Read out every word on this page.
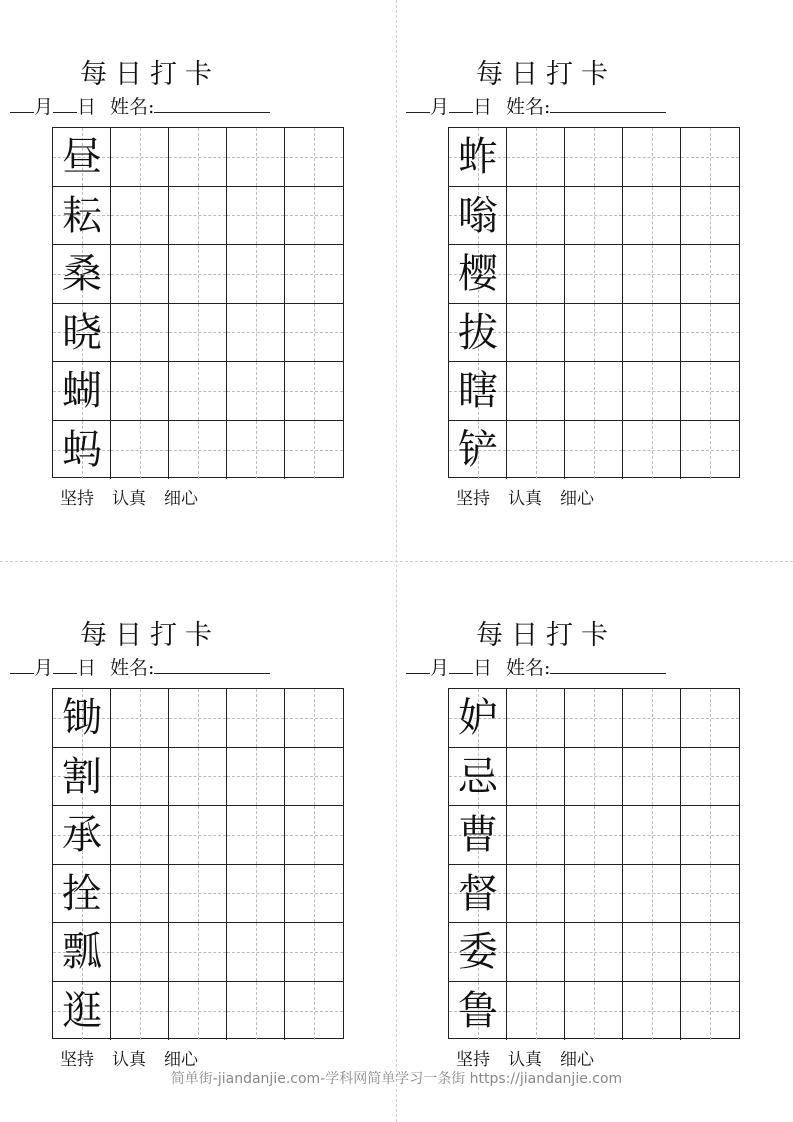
每日打卡
月 日 姓名:
昼
耘
桑
晓
蝴
蚂
坚持 认真 细心
每日打卡
月 日 姓名:
蚱
嗡
樱
拔
瞎
铲
坚持 认真 细心
每日打卡
月 日 姓名:
锄
割
承
拴
瓢
逛
坚持 认真 细心
每日打卡
月 日 姓名:
妒
忌
曹
督
委
鲁
坚持 认真 细心
简单街-jiandanjie.com-学科网简单学习一条街 https://jiandanjie.com
